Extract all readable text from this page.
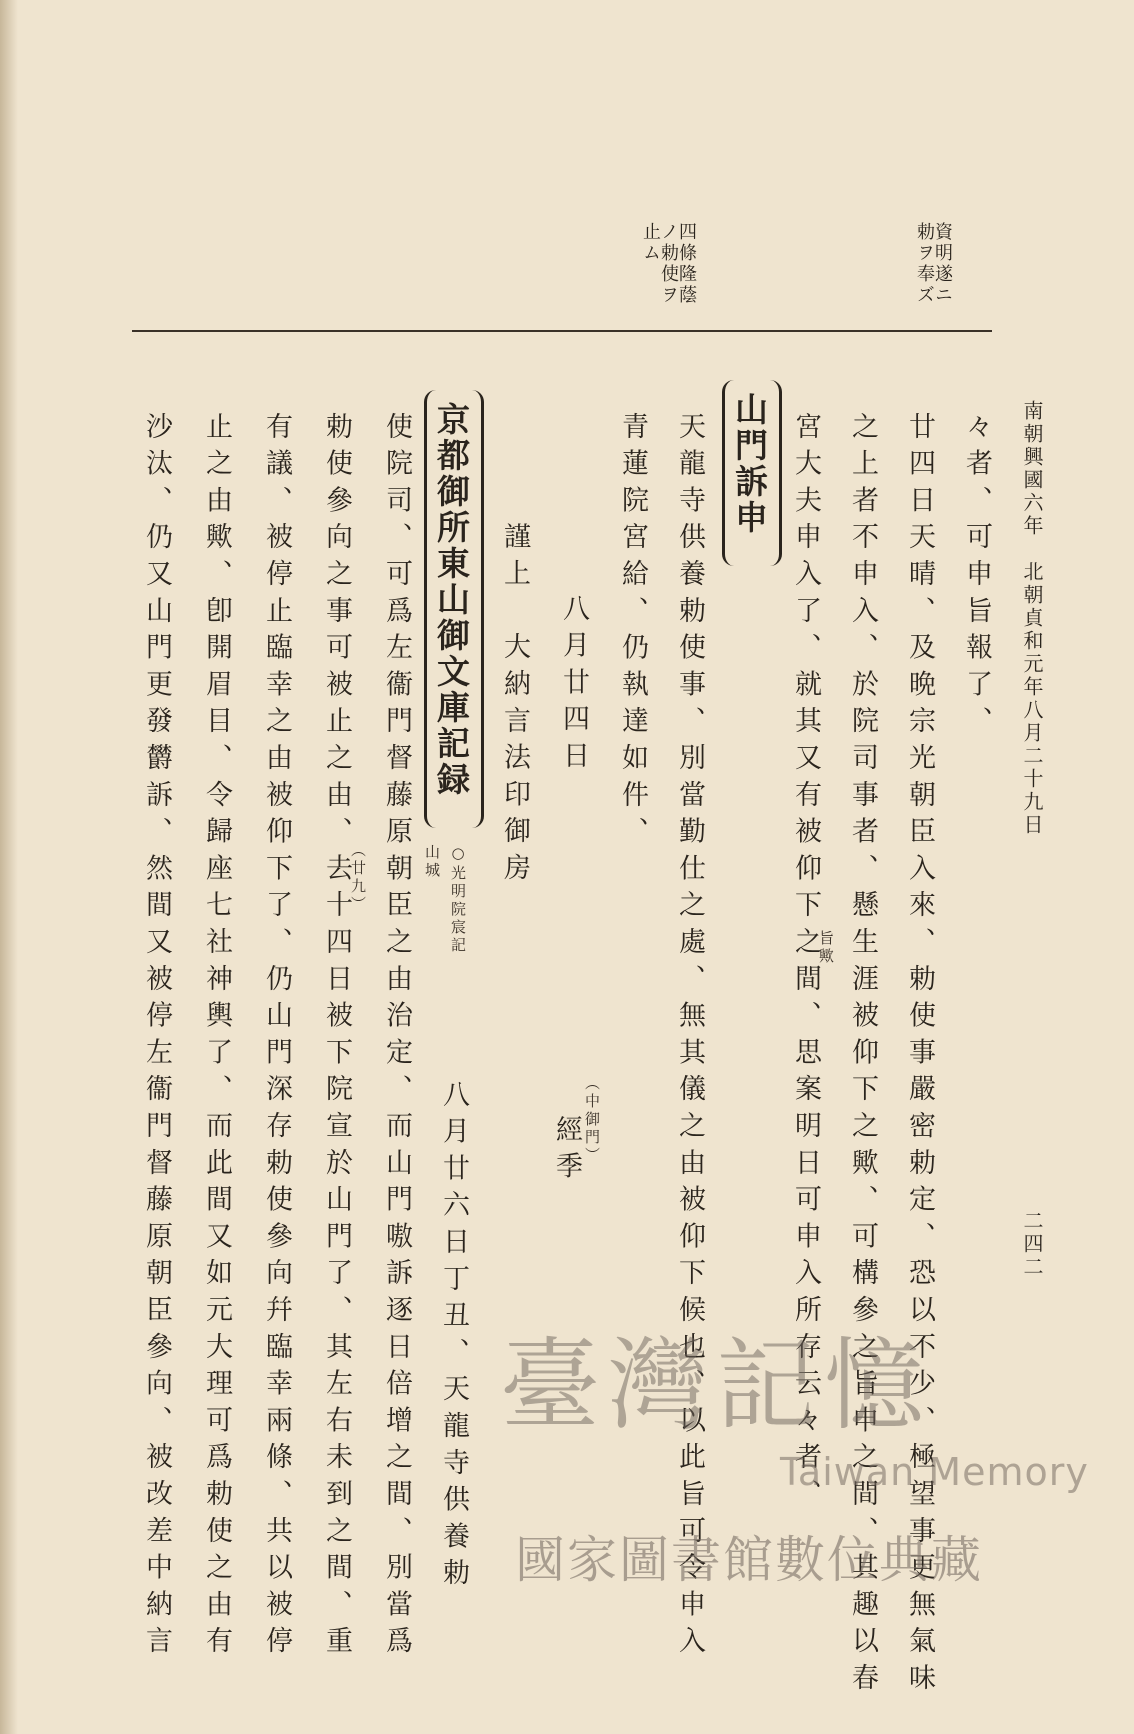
南朝興國六年　北朝貞和元年八月二十九日
二四二
資明遂ニ勅ヲ奉ズ
四條隆蔭ノ勅使ヲ止ム
々者、可申旨報了、
廿四日天晴、及晩宗光朝臣入來、勅使事嚴密勅定、恐以不少、極望事更無氣味
之上者不申入、於院司事者、懸生涯被仰下之歟、可構參之旨申之間、其趣以春
旨歟
宮大夫申入了、就其又有被仰下之間、思案明日可申入所存云々者、
山門訴申
天龍寺供養勅使事、別當勤仕之處、無其儀之由被仰下候也、以此旨可令申入
青蓮院宮給、仍執達如件、
八月廿四日
（中御門）
經季
謹上　大納言法印御房
京都御所東山御文庫記録
○光明院宸記
山城
八月廿六日丁丑、天龍寺供養勅
使院司、可爲左衞門督藤原朝臣之由治定、而山門嗷訴逐日倍增之間、別當爲
勅使參向之事可被止之由、去十四日被下院宣於山門了、其左右未到之間、重
（廿九）
有議、被停止臨幸之由被仰下了、仍山門深存勅使參向幷臨幸兩條、共以被停
止之由歟、卽開眉目、令歸座七社神輿了、而此間又如元大理可爲勅使之由有
沙汰、仍又山門更發欝訴、然間又被停左衞門督藤原朝臣參向、被改差中納言	臺灣記憶
Taiwan Memory
國家圖書館數位典藏
